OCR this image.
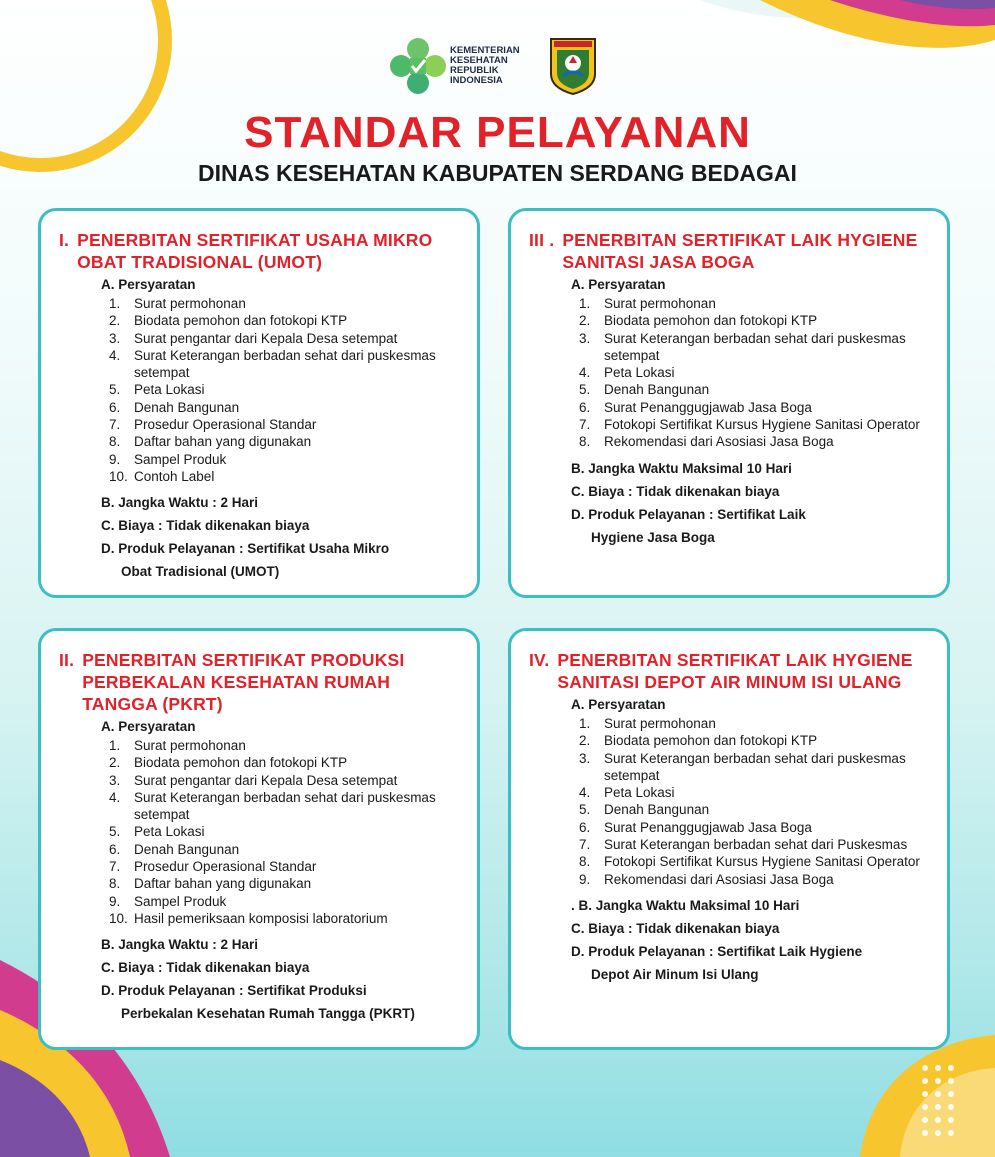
KEMENTERIAN
KESEHATAN
REPUBLIK
INDONESIA
STANDAR PELAYANAN
DINAS KESEHATAN KABUPATEN SERDANG BEDAGAI
I. PENERBITAN SERTIFIKAT USAHA MIKRO OBAT TRADISIONAL (UMOT)
A. Persyaratan
1.	Surat permohonan
2.	Biodata pemohon dan fotokopi KTP
3.	Surat pengantar dari Kepala Desa setempat
4.	Surat Keterangan berbadan sehat dari puskesmas setempat
5.	Peta Lokasi
6.	Denah Bangunan
7.	Prosedur Operasional Standar
8.	Daftar bahan yang digunakan
9.	Sampel Produk
10. Contoh Label
B. Jangka Waktu : 2 Hari
C. Biaya : Tidak dikenakan biaya
D. Produk Pelayanan : Sertifikat Usaha Mikro
Obat Tradisional (UMOT)
III . PENERBITAN SERTIFIKAT LAIK HYGIENE SANITASI JASA BOGA
A. Persyaratan
1.	Surat permohonan
2.	Biodata pemohon dan fotokopi KTP
3.	Surat Keterangan berbadan sehat dari puskesmas setempat
4.	Peta Lokasi
5.	Denah Bangunan
6.	Surat Penanggugjawab Jasa Boga
7.	Fotokopi Sertifikat Kursus Hygiene Sanitasi Operator
8.	Rekomendasi dari Asosiasi Jasa Boga
B. Jangka Waktu Maksimal 10 Hari
C. Biaya : Tidak dikenakan biaya
D. Produk Pelayanan : Sertifikat Laik
Hygiene Jasa Boga
II. PENERBITAN SERTIFIKAT PRODUKSI PERBEKALAN KESEHATAN RUMAH TANGGA (PKRT)
A. Persyaratan
1.	Surat permohonan
2.	Biodata pemohon dan fotokopi KTP
3.	Surat pengantar dari Kepala Desa setempat
4.	Surat Keterangan berbadan sehat dari puskesmas setempat
5.	Peta Lokasi
6.	Denah Bangunan
7.	Prosedur Operasional Standar
8.	Daftar bahan yang digunakan
9.	Sampel Produk
10. Hasil pemeriksaan komposisi laboratorium
B. Jangka Waktu : 2 Hari
C. Biaya : Tidak dikenakan biaya
D. Produk Pelayanan : Sertifikat Produksi
Perbekalan Kesehatan Rumah Tangga (PKRT)
IV. PENERBITAN SERTIFIKAT LAIK HYGIENE SANITASI DEPOT AIR MINUM ISI ULANG
A. Persyaratan
1.	Surat permohonan
2.	Biodata pemohon dan fotokopi KTP
3.	Surat Keterangan berbadan sehat dari puskesmas setempat
4.	Peta Lokasi
5.	Denah Bangunan
6.	Surat Penanggugjawab Jasa Boga
7.	Surat Keterangan berbadan sehat dari Puskesmas
8.	Fotokopi Sertifikat Kursus Hygiene Sanitasi Operator
9.	Rekomendasi dari Asosiasi Jasa Boga
. B. Jangka Waktu Maksimal 10 Hari
C. Biaya : Tidak dikenakan biaya
D. Produk Pelayanan : Sertifikat Laik Hygiene
Depot Air Minum Isi Ulang
